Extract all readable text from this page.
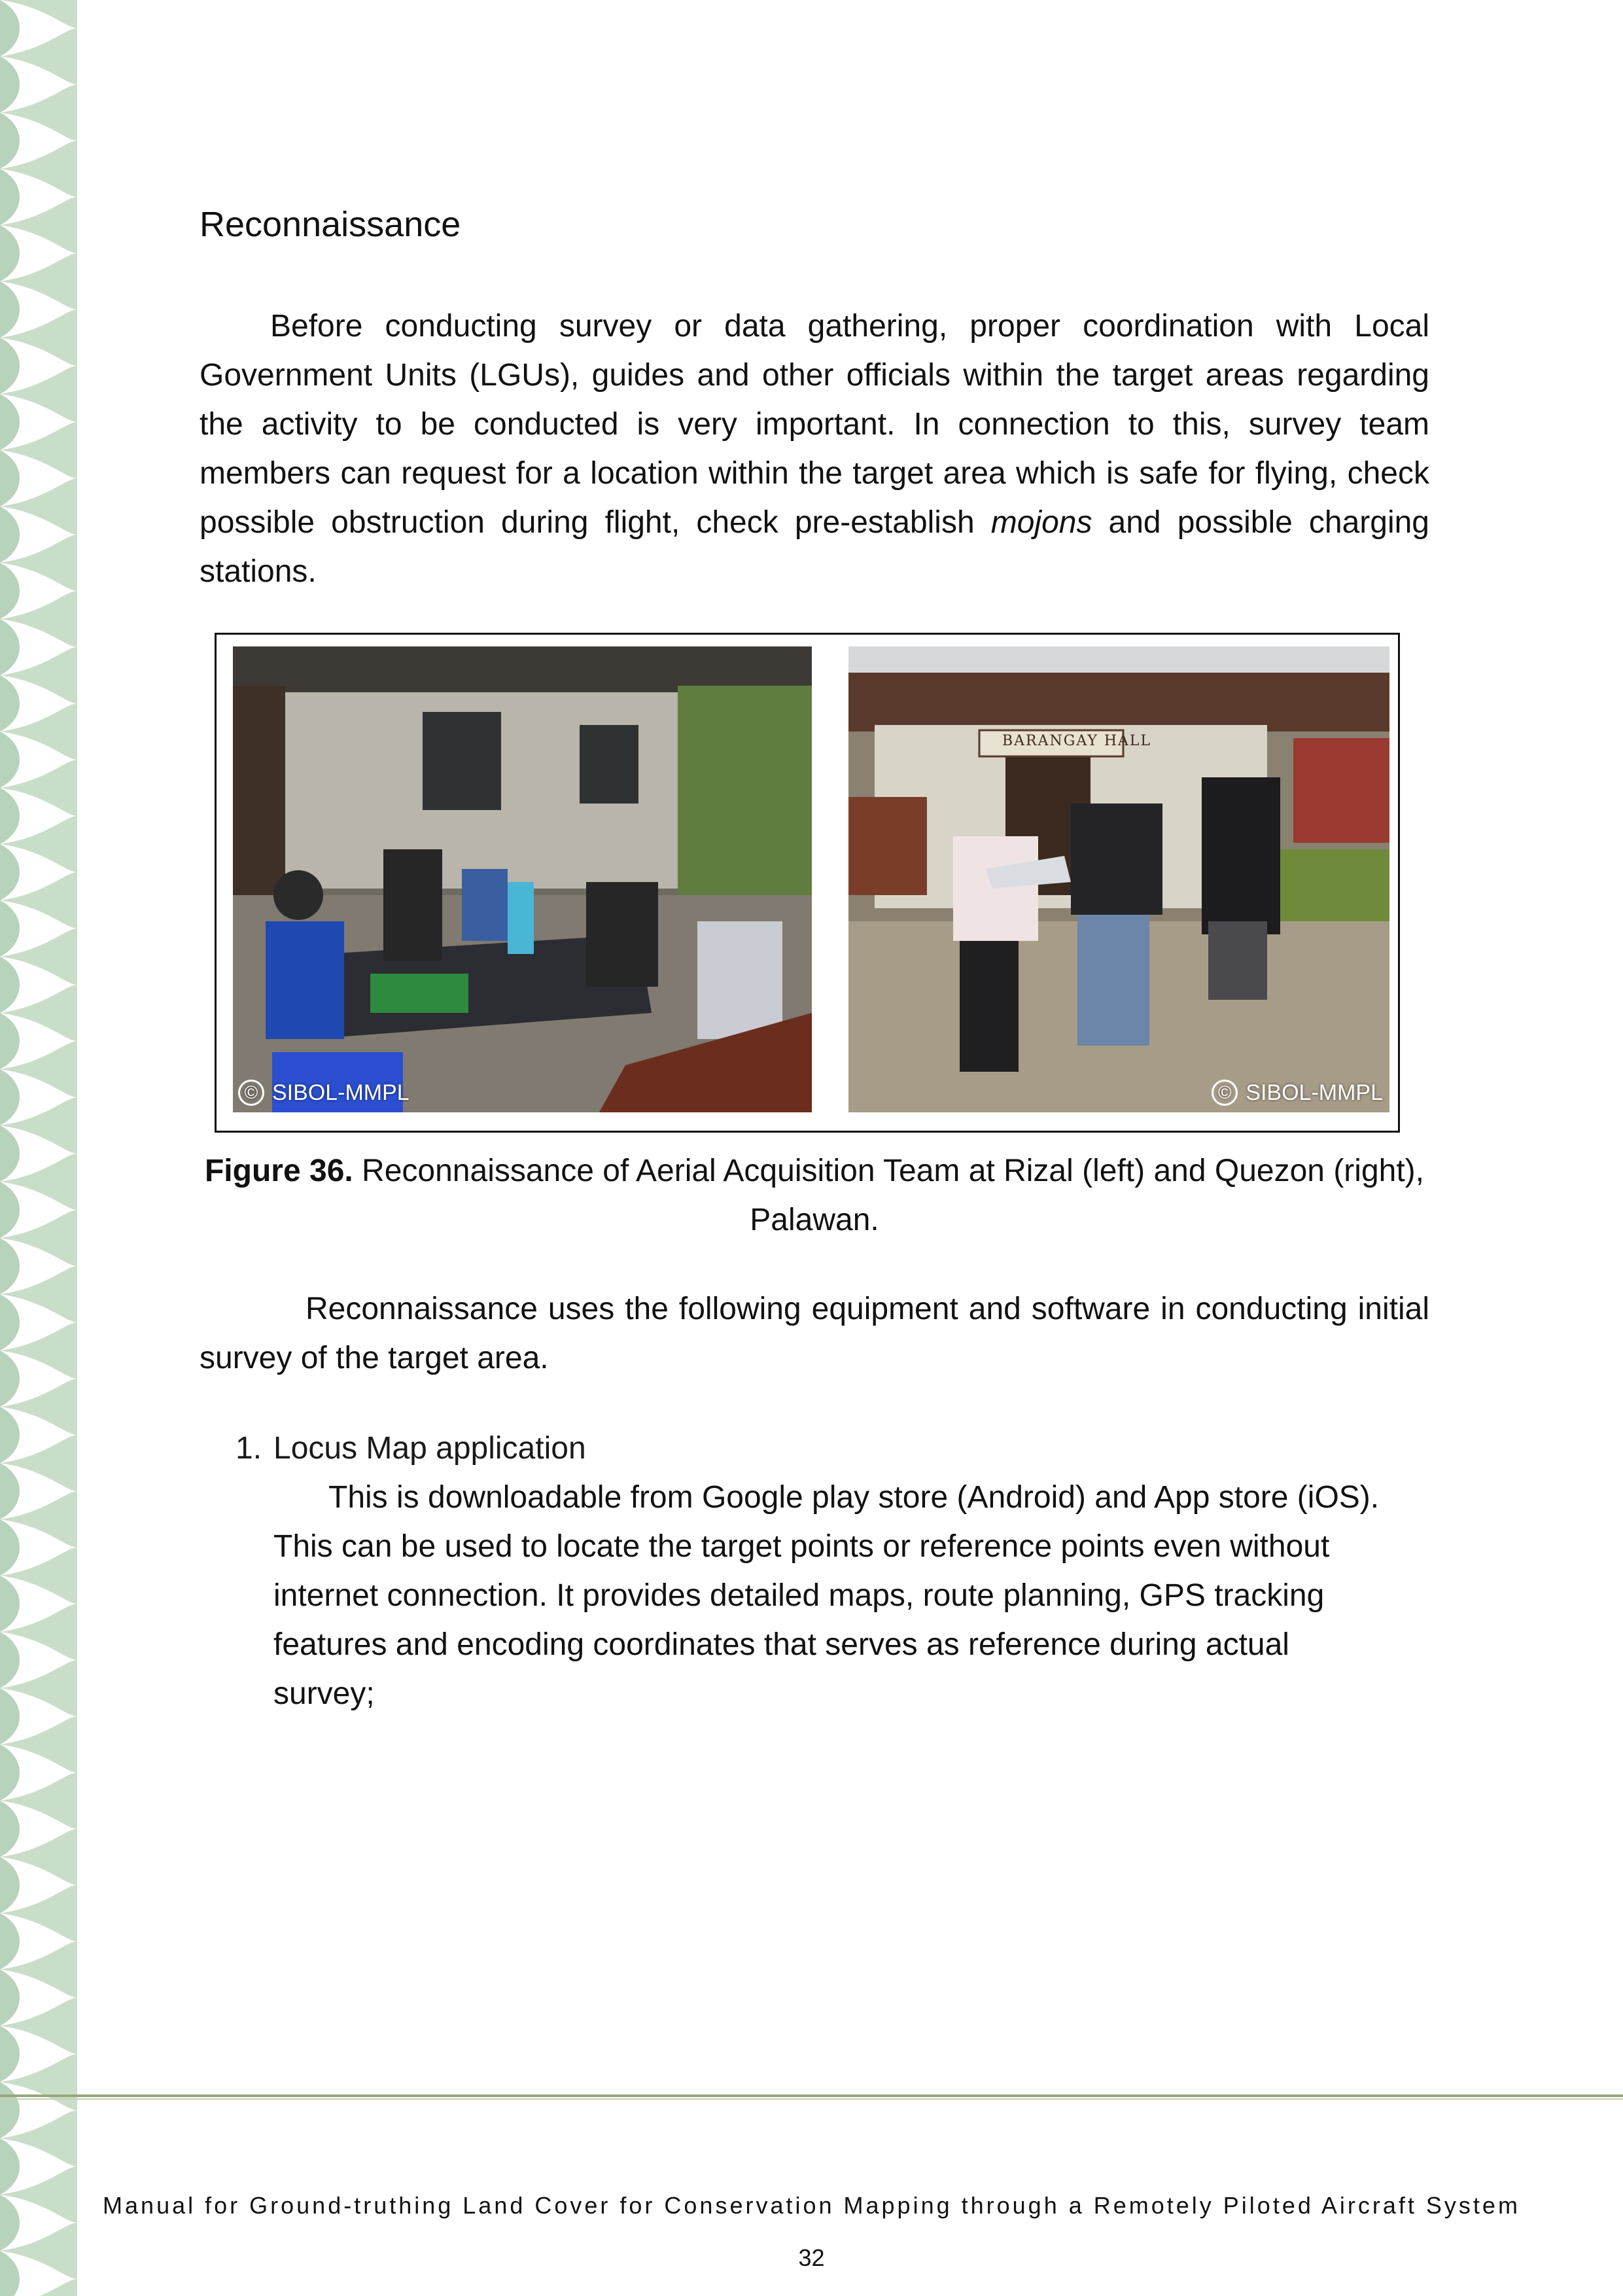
Reconnaissance

Before conducting survey or data gathering, proper coordination with Local Government Units (LGUs), guides and other officials within the target areas regarding the activity to be conducted is very important. In connection to this, survey team members can request for a location within the target area which is safe for flying, check possible obstruction during flight, check pre-establish mojons and possible charging stations.

© SIBOL-MMPL
BARANGAY HALL
© SIBOL-MMPL

Figure 36. Reconnaissance of Aerial Acquisition Team at Rizal (left) and Quezon (right), Palawan.

Reconnaissance uses the following equipment and software in conducting initial survey of the target area.

1. Locus Map application

This is downloadable from Google play store (Android) and App store (iOS). This can be used to locate the target points or reference points even without internet connection. It provides detailed maps, route planning, GPS tracking features and encoding coordinates that serves as reference during actual survey;

Manual for Ground-truthing Land Cover for Conservation Mapping through a Remotely Piloted Aircraft System

32
